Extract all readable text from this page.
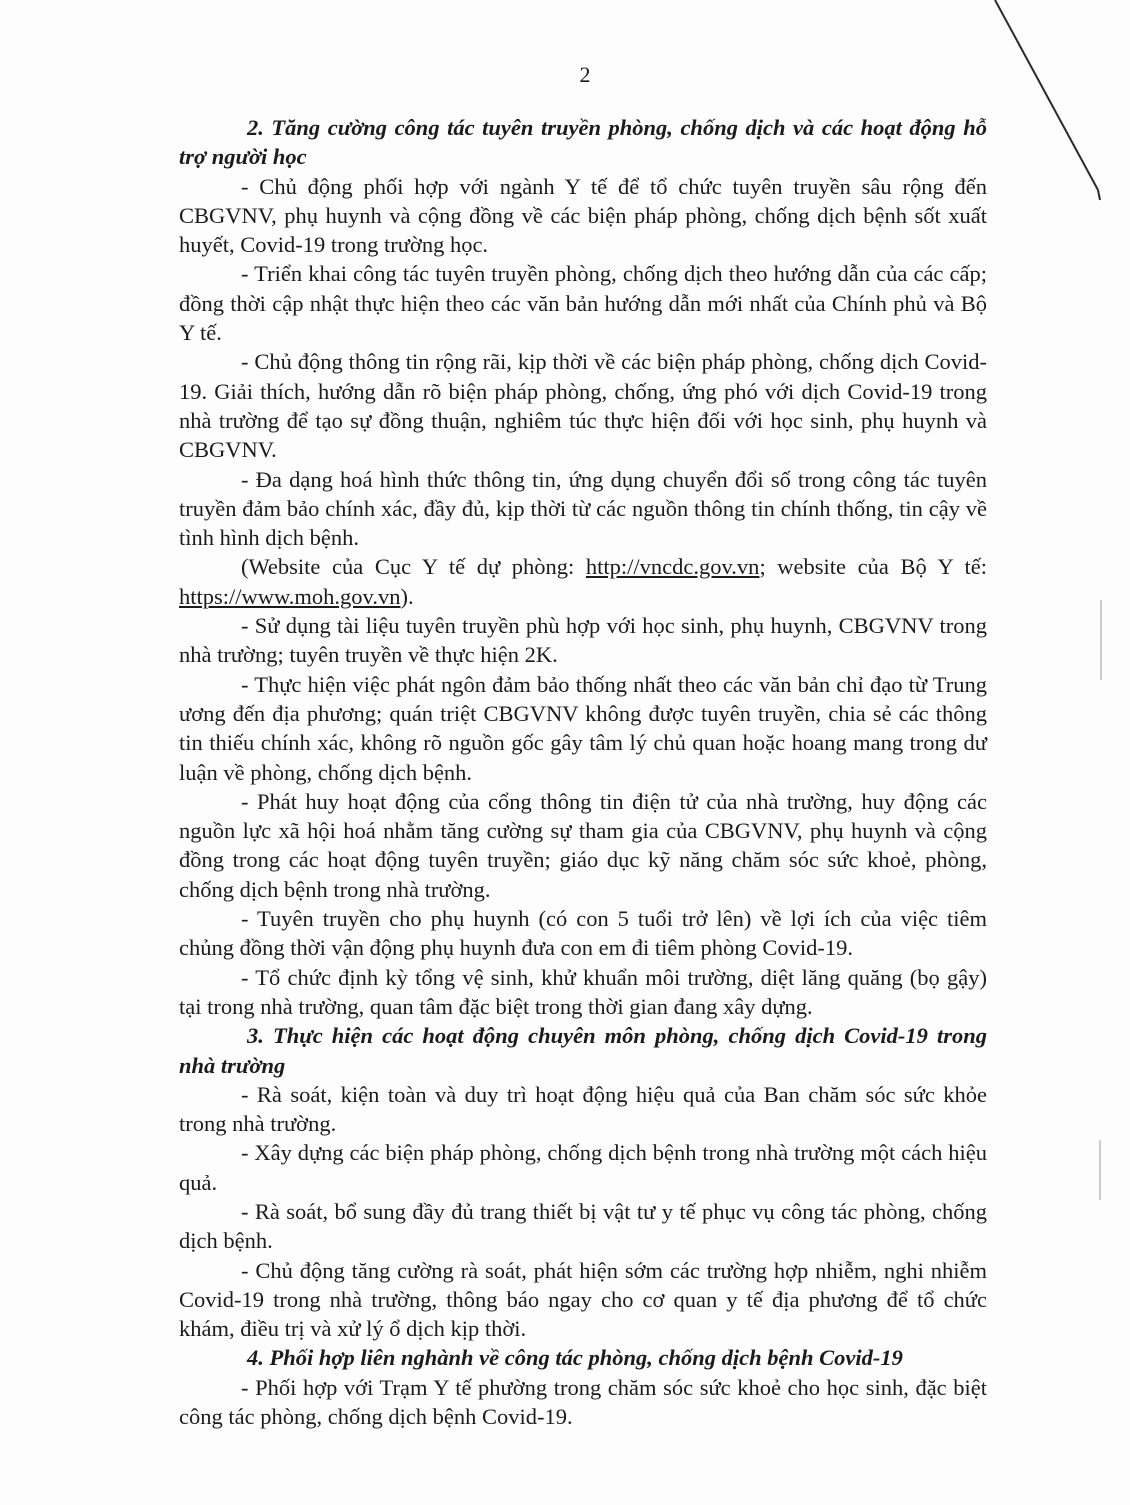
2

2. Tăng cường công tác tuyên truyền phòng, chống dịch và các hoạt động hỗ trợ người học

- Chủ động phối hợp với ngành Y tế để tổ chức tuyên truyền sâu rộng đến CBGVNV, phụ huynh và cộng đồng về các biện pháp phòng, chống dịch bệnh sốt xuất huyết, Covid-19 trong trường học.

- Triển khai công tác tuyên truyền phòng, chống dịch theo hướng dẫn của các cấp; đồng thời cập nhật thực hiện theo các văn bản hướng dẫn mới nhất của Chính phủ và Bộ Y tế.

- Chủ động thông tin rộng rãi, kịp thời về các biện pháp phòng, chống dịch Covid-19. Giải thích, hướng dẫn rõ biện pháp phòng, chống, ứng phó với dịch Covid-19 trong nhà trường để tạo sự đồng thuận, nghiêm túc thực hiện đối với học sinh, phụ huynh và CBGVNV.

- Đa dạng hoá hình thức thông tin, ứng dụng chuyển đổi số trong công tác tuyên truyền đảm bảo chính xác, đầy đủ, kịp thời từ các nguồn thông tin chính thống, tin cậy về tình hình dịch bệnh.

(Website của Cục Y tế dự phòng: http://vncdc.gov.vn; website của Bộ Y tế: https://www.moh.gov.vn).

- Sử dụng tài liệu tuyên truyền phù hợp với học sinh, phụ huynh, CBGVNV trong nhà trường; tuyên truyền về thực hiện 2K.

- Thực hiện việc phát ngôn đảm bảo thống nhất theo các văn bản chỉ đạo từ Trung ương đến địa phương; quán triệt CBGVNV không được tuyên truyền, chia sẻ các thông tin thiếu chính xác, không rõ nguồn gốc gây tâm lý chủ quan hoặc hoang mang trong dư luận về phòng, chống dịch bệnh.

- Phát huy hoạt động của cổng thông tin điện tử của nhà trường, huy động các nguồn lực xã hội hoá nhằm tăng cường sự tham gia của CBGVNV, phụ huynh và cộng đồng trong các hoạt động tuyên truyền; giáo dục kỹ năng chăm sóc sức khoẻ, phòng, chống dịch bệnh trong nhà trường.

- Tuyên truyền cho phụ huynh (có con 5 tuổi trở lên) về lợi ích của việc tiêm chủng đồng thời vận động phụ huynh đưa con em đi tiêm phòng Covid-19.

- Tổ chức định kỳ tổng vệ sinh, khử khuẩn môi trường, diệt lăng quăng (bọ gậy) tại trong nhà trường, quan tâm đặc biệt trong thời gian đang xây dựng.

3. Thực hiện các hoạt động chuyên môn phòng, chống dịch Covid-19 trong nhà trường

- Rà soát, kiện toàn và duy trì hoạt động hiệu quả của Ban chăm sóc sức khỏe trong nhà trường.

- Xây dựng các biện pháp phòng, chống dịch bệnh trong nhà trường một cách hiệu quả.

- Rà soát, bổ sung đầy đủ trang thiết bị vật tư y tế phục vụ công tác phòng, chống dịch bệnh.

- Chủ động tăng cường rà soát, phát hiện sớm các trường hợp nhiễm, nghi nhiễm Covid-19 trong nhà trường, thông báo ngay cho cơ quan y tế địa phương để tổ chức khám, điều trị và xử lý ổ dịch kịp thời.

4. Phối hợp liên nghành về công tác phòng, chống dịch bệnh Covid-19

- Phối hợp với Trạm Y tế phường trong chăm sóc sức khoẻ cho học sinh, đặc biệt công tác phòng, chống dịch bệnh Covid-19.
